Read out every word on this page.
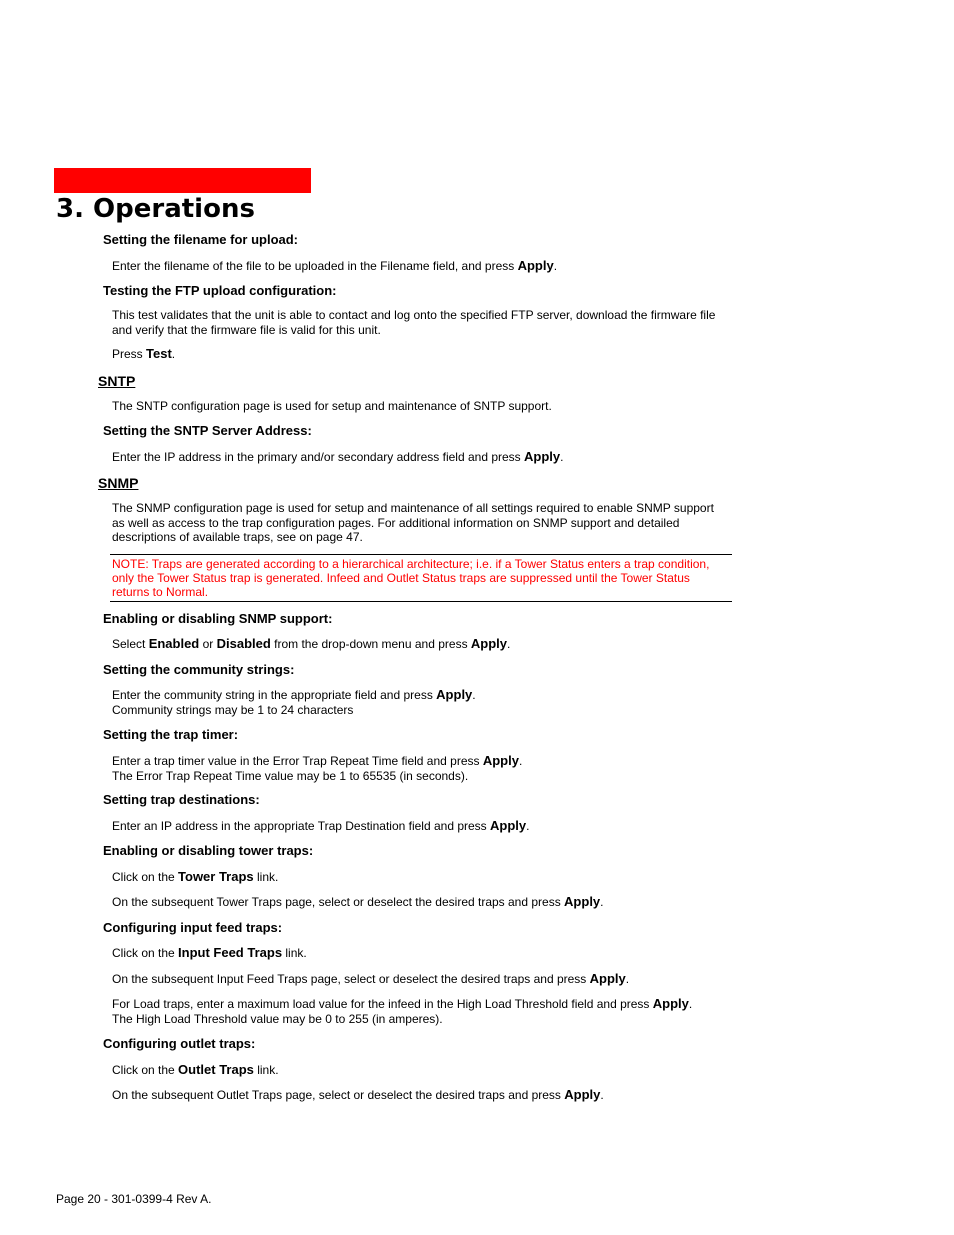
3. Operations
Setting the filename for upload:
Enter the filename of the file to be uploaded in the Filename field, and press Apply.
Testing the FTP upload configuration:
This test validates that the unit is able to contact and log onto the specified FTP server, download the firmware file and verify that the firmware file is valid for this unit.
Press Test.
SNTP
The SNTP configuration page is used for setup and maintenance of SNTP support.
Setting the SNTP Server Address:
Enter the IP address in the primary and/or secondary address field and press Apply.
SNMP
The SNMP configuration page is used for setup and maintenance of all settings required to enable SNMP support as well as access to the trap configuration pages. For additional information on SNMP support and detailed descriptions of available traps, see on page 47.
NOTE: Traps are generated according to a hierarchical architecture; i.e. if a Tower Status enters a trap condition, only the Tower Status trap is generated. Infeed and Outlet Status traps are suppressed until the Tower Status returns to Normal.
Enabling or disabling SNMP support:
Select Enabled or Disabled from the drop-down menu and press Apply.
Setting the community strings:
Enter the community string in the appropriate field and press Apply.
Community strings may be 1 to 24 characters
Setting the trap timer:
Enter a trap timer value in the Error Trap Repeat Time field and press Apply.
The Error Trap Repeat Time value may be 1 to 65535 (in seconds).
Setting trap destinations:
Enter an IP address in the appropriate Trap Destination field and press Apply.
Enabling or disabling tower traps:
Click on the Tower Traps link.
On the subsequent Tower Traps page, select or deselect the desired traps and press Apply.
Configuring input feed traps:
Click on the Input Feed Traps link.
On the subsequent Input Feed Traps page, select or deselect the desired traps and press Apply.
For Load traps, enter a maximum load value for the infeed in the High Load Threshold field and press Apply.
The High Load Threshold value may be 0 to 255 (in amperes).
Configuring outlet traps:
Click on the Outlet Traps link.
On the subsequent Outlet Traps page, select or deselect the desired traps and press Apply.
Page 20 - 301-0399-4 Rev A.
